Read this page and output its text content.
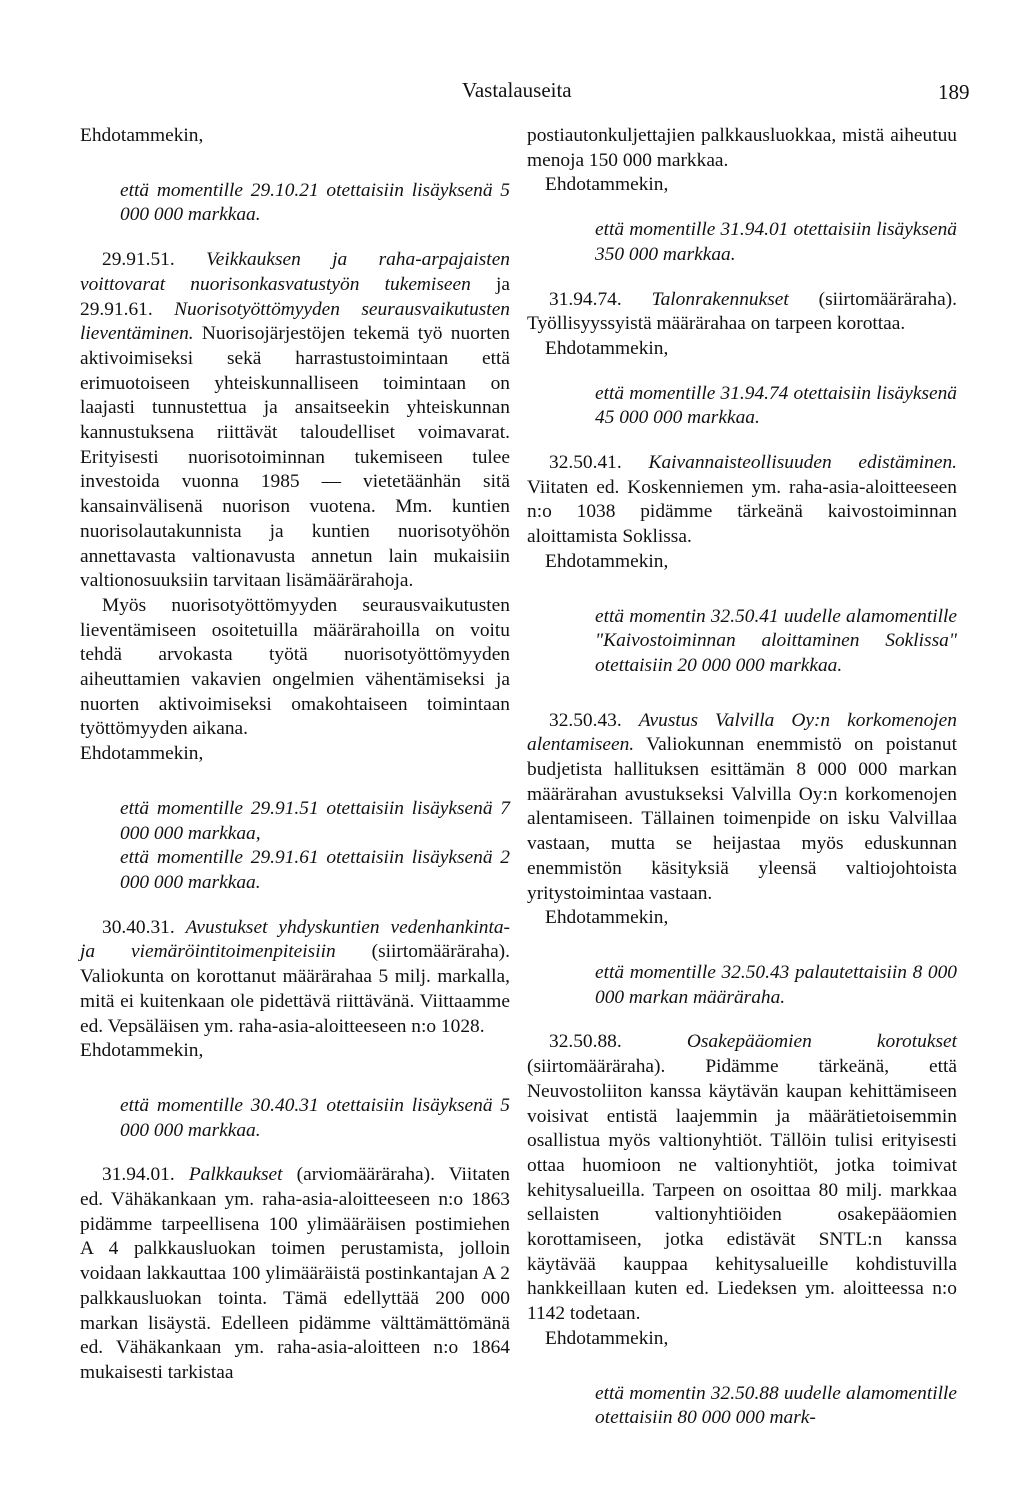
Vastalauseita	189

Ehdotammekin,

että momentille 29.10.21 otettaisiin lisäyksenä 5 000 000 markkaa.

29.91.51. Veikkauksen ja raha-arpajaisten voittovarat nuorisonkasvatustyön tukemiseen ja 29.91.61. Nuorisotyöttömyyden seurausvaikutusten lieventäminen. Nuorisojärjestöjen tekemä työ nuorten aktivoimiseksi sekä harrastustoimintaan että erimuotoiseen yhteiskunnalliseen toimintaan on laajasti tunnustettua ja ansaitseekin yhteiskunnan kannustuksena riittävät taloudelliset voimavarat. Erityisesti nuorisotoiminnan tukemiseen tulee investoida vuonna 1985 — vietetäänhän sitä kansainvälisenä nuorison vuotena. Mm. kuntien nuorisolautakunnista ja kuntien nuorisotyöhön annettavasta valtionavusta annetun lain mukaisiin valtionosuuksiin tarvitaan lisämäärärahoja.

Myös nuorisotyöttömyyden seurausvaikutusten lieventämiseen osoitetuilla määrärahoilla on voitu tehdä arvokasta työtä nuorisotyöttömyyden aiheuttamien vakavien ongelmien vähentämiseksi ja nuorten aktivoimiseksi omakohtaiseen toimintaan työttömyyden aikana.

Ehdotammekin,

että momentille 29.91.51 otettaisiin lisäyksenä 7 000 000 markkaa,

että momentille 29.91.61 otettaisiin lisäyksenä 2 000 000 markkaa.

30.40.31. Avustukset yhdyskuntien vedenhankinta- ja viemäröintitoimenpiteisiin (siirtomääräraha). Valiokunta on korottanut määrärahaa 5 milj. markalla, mitä ei kuitenkaan ole pidettävä riittävänä. Viittaamme ed. Vepsäläisen ym. raha-asia-aloitteeseen n:o 1028.

Ehdotammekin,

että momentille 30.40.31 otettaisiin lisäyksenä 5 000 000 markkaa.

31.94.01. Palkkaukset (arviomääräraha). Viitaten ed. Vähäkankaan ym. raha-asia-aloitteeseen n:o 1863 pidämme tarpeellisena 100 ylimääräisen postimiehen A 4 palkkausluokan toimen perustamista, jolloin voidaan lakkauttaa 100 ylimääräistä postinkantajan A 2 palkkausluokan tointa. Tämä edellyttää 200 000 markan lisäystä. Edelleen pidämme välttämättömänä ed. Vähäkankaan ym. raha-asia-aloitteen n:o 1864 mukaisesti tarkistaa

postiautonkuljettajien palkkausluokkaa, mistä aiheutuu menoja 150 000 markkaa.

Ehdotammekin,

että momentille 31.94.01 otettaisiin lisäyksenä 350 000 markkaa.

31.94.74. Talonrakennukset (siirtomääräraha). Työllisyyssyistä määrärahaa on tarpeen korottaa.

Ehdotammekin,

että momentille 31.94.74 otettaisiin lisäyksenä 45 000 000 markkaa.

32.50.41. Kaivannaisteollisuuden edistäminen. Viitaten ed. Koskenniemen ym. raha-asia-aloitteeseen n:o 1038 pidämme tärkeänä kaivostoiminnan aloittamista Soklissa.

Ehdotammekin,

että momentin 32.50.41 uudelle alamomentille "Kaivostoiminnan aloittaminen Soklissa" otettaisiin 20 000 000 markkaa.

32.50.43. Avustus Valvilla Oy:n korkomenojen alentamiseen. Valiokunnan enemmistö on poistanut budjetista hallituksen esittämän 8 000 000 markan määrärahan avustukseksi Valvilla Oy:n korkomenojen alentamiseen. Tällainen toimenpide on isku Valvillaa vastaan, mutta se heijastaa myös eduskunnan enemmistön käsityksiä yleensä valtiojohtoista yritystoimintaa vastaan.

Ehdotammekin,

että momentille 32.50.43 palautettaisiin 8 000 000 markan määräraha.

32.50.88.	Osakepääomien korotukset (siirtomääräraha). Pidämme tärkeänä, että Neuvostoliiton kanssa käytävän kaupan kehittämiseen voisivat entistä laajemmin ja määrätietoisemmin osallistua myös valtionyhtiöt. Tällöin tulisi erityisesti ottaa huomioon ne valtionyhtiöt, jotka toimivat kehitysalueilla. Tarpeen on osoittaa 80 milj. markkaa sellaisten valtionyhtiöiden osakepääomien korottamiseen, jotka edistävät SNTL:n kanssa käytävää kauppaa kehitysalueille kohdistuvilla hankkeillaan kuten ed. Liedeksen ym. aloitteessa n:o 1142 todetaan.

Ehdotammekin,

että momentin 32.50.88 uudelle alamomentille otettaisiin 80 000 000 mark-
